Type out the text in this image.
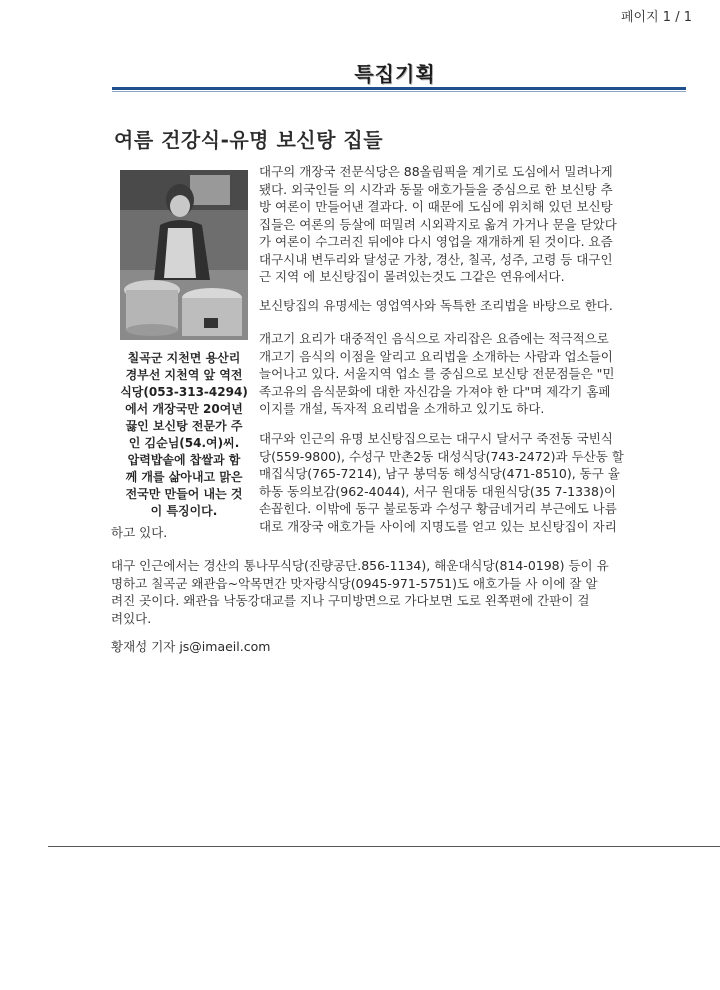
페이지 1 / 1
특집기획
여름 건강식-유명 보신탕 집들
칠곡군 지천면 용산리
경부선 지천역 앞 역전
식당(053-313-4294)
에서 개장국만 20여년
끓인 보신탕 전문가 주
인 김순님(54.여)씨.
압력밥솥에 찹쌀과 함
께 개를 삶아내고 맑은
전국만 만들어 내는 것
이 특징이다.
대구의 개장국 전문식당은 88올림픽을 계기로 도심에서 밀려나게
됐다. 외국인들 의 시각과 동물 애호가들을 중심으로 한 보신탕 추
방 여론이 만들어낸 결과다. 이 때문에 도심에 위치해 있던 보신탕
집들은 여론의 등살에 떠밀려 시외곽지로 옮겨 가거나 문을 닫았다
가 여론이 수그러진 뒤에야 다시 영업을 재개하게 된 것이다. 요즘
대구시내 변두리와 달성군 가창, 경산, 칠곡, 성주, 고령 등 대구인
근 지역 에 보신탕집이 몰려있는것도 그같은 연유에서다.
보신탕집의 유명세는 영업역사와 독특한 조리법을 바탕으로 한다.
개고기 요리가 대중적인 음식으로 자리잡은 요즘에는 적극적으로
개고기 음식의 이점을 알리고 요리법을 소개하는 사람과 업소들이
늘어나고 있다. 서울지역 업소 를 중심으로 보신탕 전문점들은 "민
족고유의 음식문화에 대한 자신감을 가져야 한 다"며 제각기 홈페
이지를 개설, 독자적 요리법을 소개하고 있기도 하다.
대구와 인근의 유명 보신탕집으로는 대구시 달서구 죽전동 국빈식
당(559-9800), 수성구 만촌2동 대성식당(743-2472)과 두산동 할
매집식당(765-7214), 남구 봉덕동 해성식당(471-8510), 동구 율
하동 동의보감(962-4044), 서구 원대동 대원식당(35 7-1338)이
손꼽힌다. 이밖에 동구 불로동과 수성구 황금네거리 부근에도 나름
대로 개장국 애호가들 사이에 지명도를 얻고 있는 보신탕집이 자리
하고 있다.
대구 인근에서는 경산의 통나무식당(진량공단.856-1134), 해운대식당(814-0198) 등이 유
명하고 칠곡군 왜관읍~악목면간 맛자랑식당(0945-971-5751)도 애호가들 사 이에 잘 알
려진 곳이다. 왜관읍 낙동강대교를 지나 구미방면으로 가다보면 도로 왼쪽편에 간판이 걸
려있다.
황재성 기자 js@imaeil.com
